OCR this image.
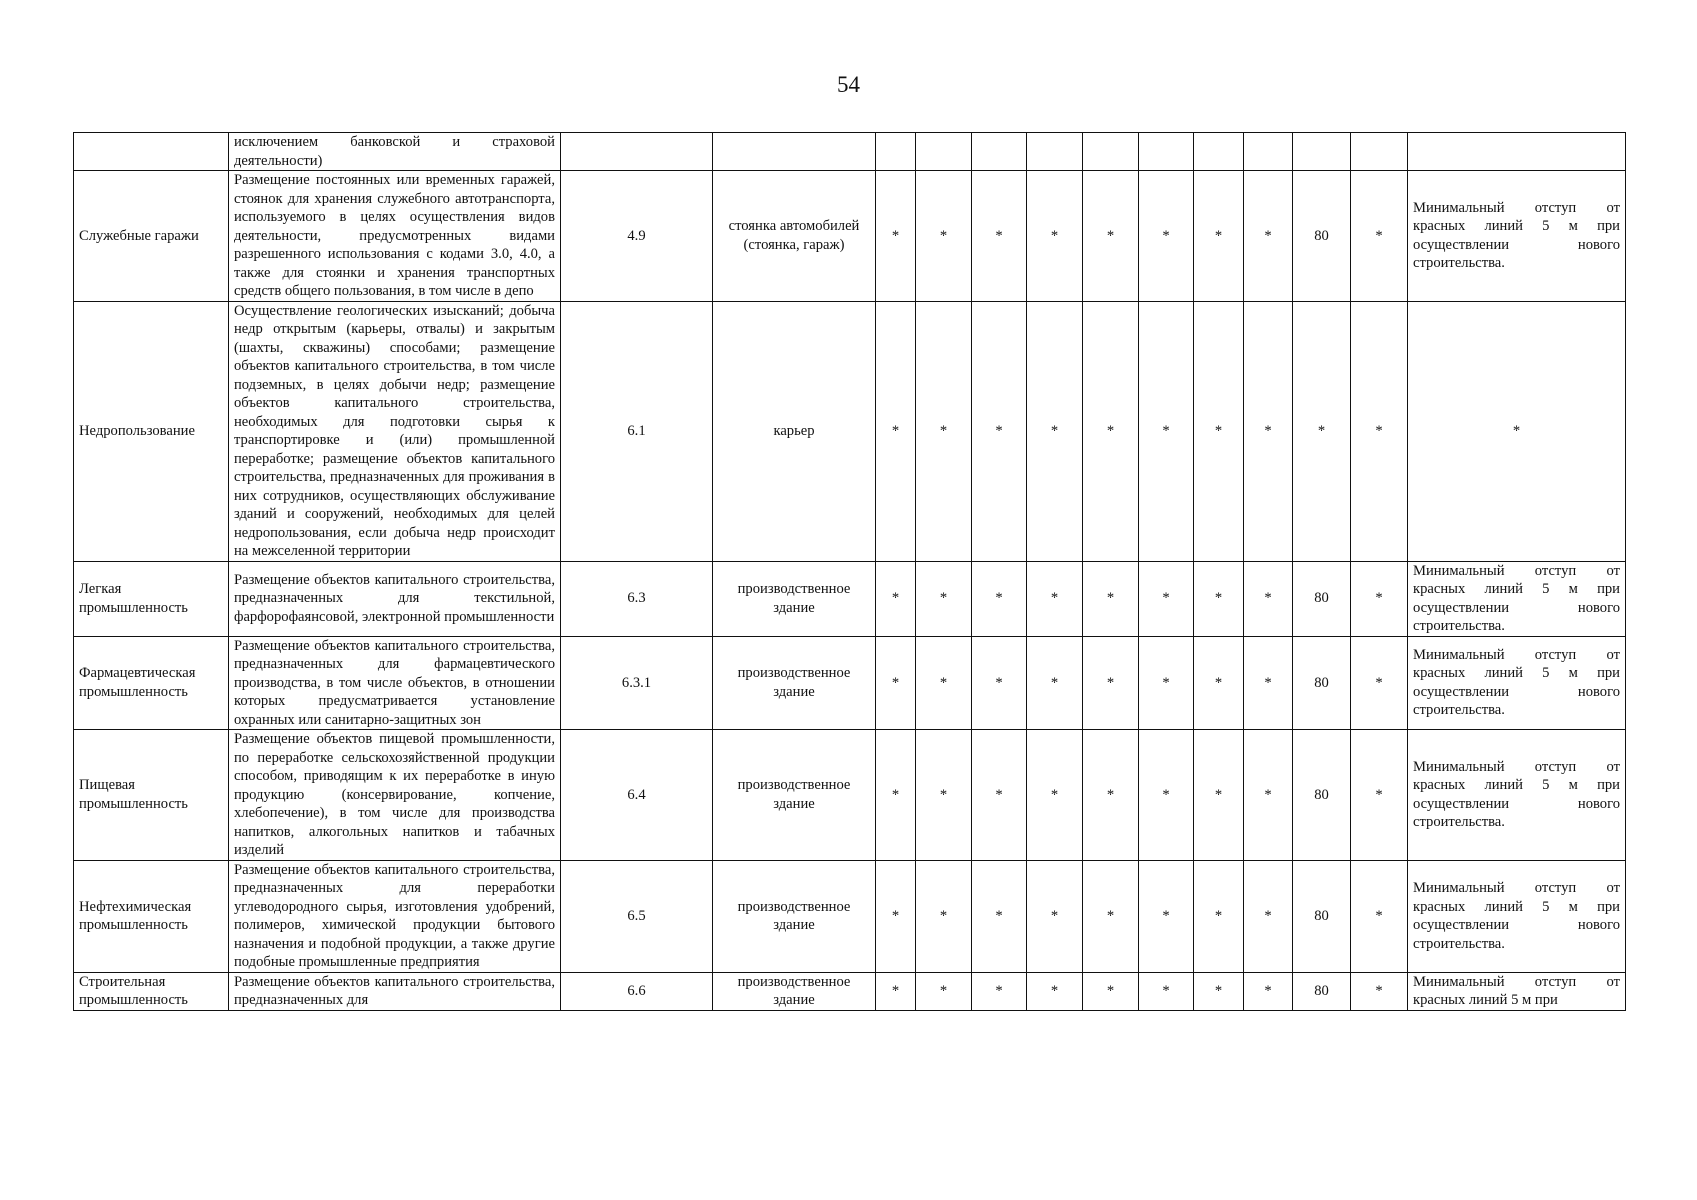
54
	исключением банковской и страховой деятельности)													
Служебные гаражи	Размещение постоянных или временных гаражей, стоянок для хранения служебного автотранспорта, используемого в целях осуществления видов деятельности, предусмотренных видами разрешенного использования с кодами 3.0, 4.0, а также для стоянки и хранения транспортных средств общего пользования, в том числе в депо	4.9	стоянка автомобилей (стоянка, гараж)	*	*	*	*	*	*	*	*	80	*	Минимальный отступ от красных линий 5 м при осуществлении нового строительства.
Недропользование	Осуществление геологических изысканий; добыча недр открытым (карьеры, отвалы) и закрытым (шахты, скважины) способами; размещение объектов капитального строительства, в том числе подземных, в целях добычи недр; размещение объектов капитального строительства, необходимых для подготовки сырья к транспортировке и (или) промышленной переработке; размещение объектов капитального строительства, предназначенных для проживания в них сотрудников, осуществляющих обслуживание зданий и сооружений, необходимых для целей недропользования, если добыча недр происходит на межселенной территории	6.1	карьер	*	*	*	*	*	*	*	*	*	*	*
Легкая промышленность	Размещение объектов капитального строительства, предназначенных для текстильной, фарфорофаянсовой, электронной промышленности	6.3	производственное здание	*	*	*	*	*	*	*	*	80	*	Минимальный отступ от красных линий 5 м при осуществлении нового строительства.
Фармацевтическая промышленность	Размещение объектов капитального строительства, предназначенных для фармацевтического производства, в том числе объектов, в отношении которых предусматривается установление охранных или санитарно-защитных зон	6.3.1	производственное здание	*	*	*	*	*	*	*	*	80	*	Минимальный отступ от красных линий 5 м при осуществлении нового строительства.
Пищевая промышленность	Размещение объектов пищевой промышленности, по переработке сельскохозяйственной продукции способом, приводящим к их переработке в иную продукцию (консервирование, копчение, хлебопечение), в том числе для производства напитков, алкогольных напитков и табачных изделий	6.4	производственное здание	*	*	*	*	*	*	*	*	80	*	Минимальный отступ от красных линий 5 м при осуществлении нового строительства.
Нефтехимическая промышленность	Размещение объектов капитального строительства, предназначенных для переработки углеводородного сырья, изготовления удобрений, полимеров, химической продукции бытового назначения и подобной продукции, а также другие подобные промышленные предприятия	6.5	производственное здание	*	*	*	*	*	*	*	*	80	*	Минимальный отступ от красных линий 5 м при осуществлении нового строительства.
Строительная промышленность	Размещение объектов капитального строительства, предназначенных для	6.6	производственное здание	*	*	*	*	*	*	*	*	80	*	Минимальный отступ от красных линий 5 м при
